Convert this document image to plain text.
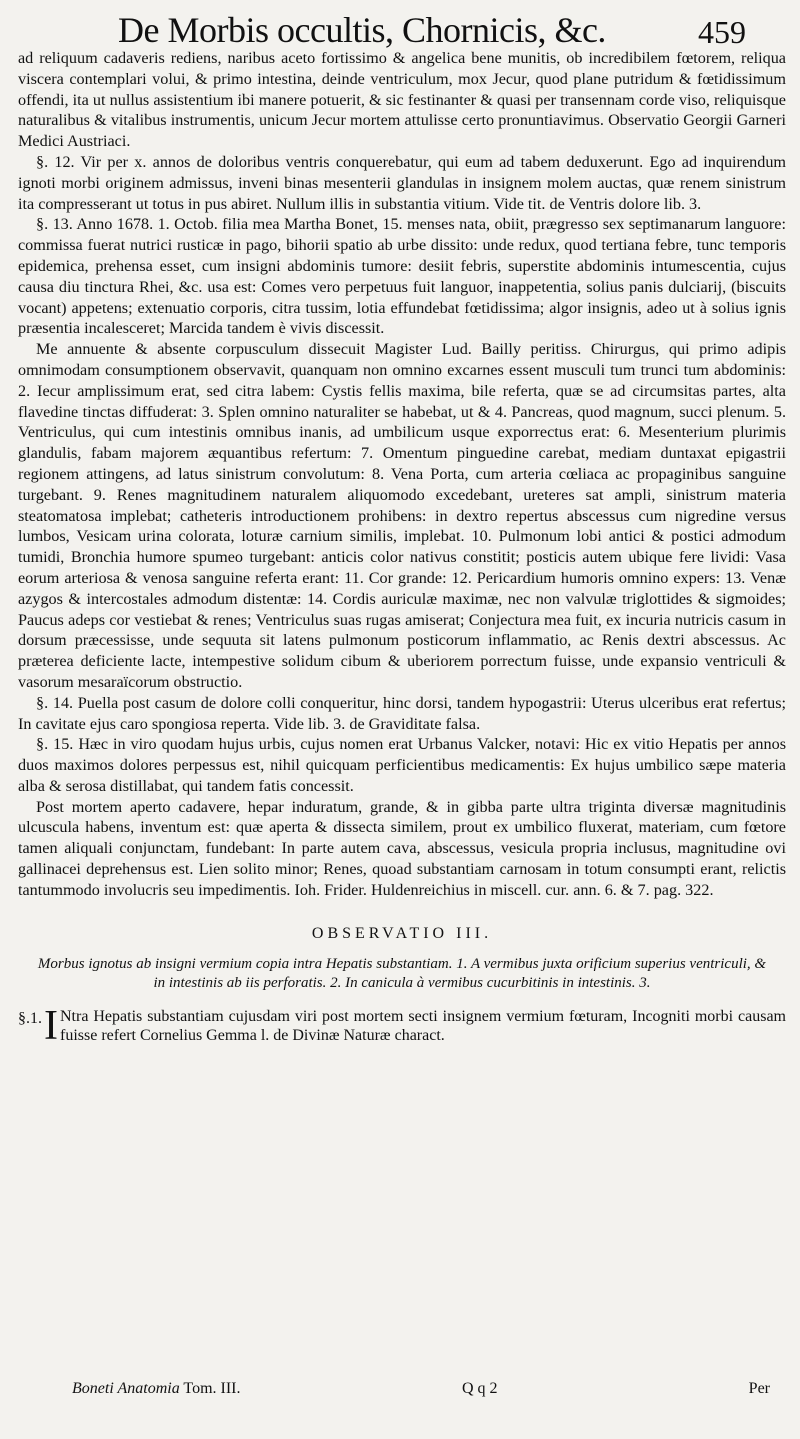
De Morbis occultis, Chornicis, &c.	459

ad reliquum cadaveris rediens, naribus aceto fortissimo & angelica bene munitis, ob incredibilem fœtorem, reliqua viscera contemplari volui, & primo intestina, deinde ventriculum, mox Jecur, quod plane putridum & fœtidissimum offendi, ita ut nullus assistentium ibi manere potuerit, & sic festinanter & quasi per transennam corde viso, reliquisque naturalibus & vitalibus instrumentis, unicum Jecur mortem attulisse certo pronuntiavimus. Observatio Georgii Garneri Medici Austriaci.

§. 12. Vir per x. annos de doloribus ventris conquerebatur, qui eum ad tabem deduxerunt. Ego ad inquirendum ignoti morbi originem admissus, inveni binas mesenterii glandulas in insignem molem auctas, quæ renem sinistrum ita compresserant ut totus in pus abiret. Nullum illis in substantia vitium. Vide tit. de Ventris dolore lib. 3.

§. 13. Anno 1678. 1. Octob. filia mea Martha Bonet, 15. menses nata, obiit, prægresso sex septimanarum languore: commissa fuerat nutrici rusticæ in pago, bihorii spatio ab urbe dissito: unde redux, quod tertiana febre, tunc temporis epidemica, prehensa esset, cum insigni abdominis tumore: desiit febris, superstite abdominis intumescentia, cujus causa diu tinctura Rhei, &c. usa est: Comes vero perpetuus fuit languor, inappetentia, solius panis dulciarij, (biscuits vocant) appetens; extenuatio corporis, citra tussim, lotia effundebat fœtidissima; algor insignis, adeo ut à solius ignis præsentia incalesceret; Marcida tandem è vivis discessit.

Me annuente & absente corpusculum dissecuit Magister Lud. Bailly peritiss. Chirurgus, qui primo adipis omnimodam consumptionem observavit, quanquam non omnino excarnes essent musculi tum trunci tum abdominis: 2. Iecur amplissimum erat, sed citra labem: Cystis fellis maxima, bile referta, quæ se ad circumsitas partes, alta flavedine tinctas diffuderat: 3. Splen omnino naturaliter se habebat, ut & 4. Pancreas, quod magnum, succi plenum. 5. Ventriculus, qui cum intestinis omnibus inanis, ad umbilicum usque exporrectus erat: 6. Mesenterium plurimis glandulis, fabam majorem æquantibus refertum: 7. Omentum pinguedine carebat, mediam duntaxat epigastrii regionem attingens, ad latus sinistrum convolutum: 8. Vena Porta, cum arteria cœliaca ac propaginibus sanguine turgebant. 9. Renes magnitudinem naturalem aliquomodo excedebant, ureteres sat ampli, sinistrum materia steatomatosa implebat; catheteris introductionem prohibens: in dextro repertus abscessus cum nigredine versus lumbos, Vesicam urina colorata, loturæ carnium similis, implebat. 10. Pulmonum lobi antici & postici admodum tumidi, Bronchia humore spumeo turgebant: anticis color nativus constitit; posticis autem ubique fere lividi: Vasa eorum arteriosa & venosa sanguine referta erant: 11. Cor grande: 12. Pericardium humoris omnino expers: 13. Venæ azygos & intercostales admodum distentæ: 14. Cordis auriculæ maximæ, nec non valvulæ triglottides & sigmoides; Paucus adeps cor vestiebat & renes; Ventriculus suas rugas amiserat; Conjectura mea fuit, ex incuria nutricis casum in dorsum præcessisse, unde sequuta sit latens pulmonum posticorum inflammatio, ac Renis dextri abscessus. Ac præterea deficiente lacte, intempestive solidum cibum & uberiorem porrectum fuisse, unde expansio ventriculi & vasorum mesaraïcorum obstructio.

§. 14. Puella post casum de dolore colli conqueritur, hinc dorsi, tandem hypogastrii: Uterus ulceribus erat refertus; In cavitate ejus caro spongiosa reperta. Vide lib. 3. de Graviditate falsa.

§. 15. Hæc in viro quodam hujus urbis, cujus nomen erat Urbanus Valcker, notavi: Hic ex vitio Hepatis per annos duos maximos dolores perpessus est, nihil quicquam perficientibus medicamentis: Ex hujus umbilico sæpe materia alba & serosa distillabat, qui tandem fatis concessit.

Post mortem aperto cadavere, hepar induratum, grande, & in gibba parte ultra triginta diversæ magnitudinis ulcuscula habens, inventum est: quæ aperta & dissecta similem, prout ex umbilico fluxerat, materiam, cum fœtore tamen aliquali conjunctam, fundebant: In parte autem cava, abscessus, vesicula propria inclusus, magnitudine ovi gallinacei deprehensus est. Lien solito minor; Renes, quoad substantiam carnosam in totum consumpti erant, relictis tantummodo involucris seu impedimentis. Ioh. Frider. Huldenreichius in miscell. cur. ann. 6. & 7. pag. 322.

OBSERVATIO III.
Morbus ignotus ab insigni vermium copia intra Hepatis substantiam. 1. A vermibus juxta orificium superius ventriculi, & in intestinis ab iis perforatis. 2. In canicula à vermibus cucurbitinis in intestinis. 3.
§.1. I Ntra Hepatis substantiam cujusdam viri post mortem secti insignem vermium fœturam, Incogniti morbi causam fuisse refert Cornelius Gemma l. de Divinæ Naturæ charact.
Boneti Anatomia Tom. III.	Q q 2	Per
